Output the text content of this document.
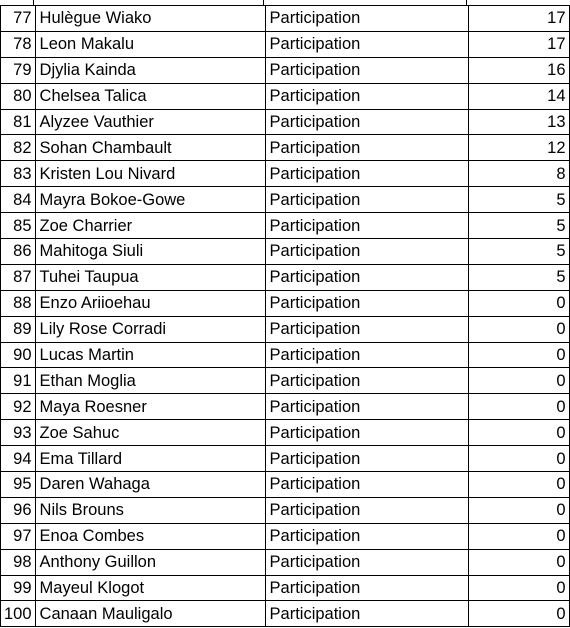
77	Hulègue Wiako	Participation	17
78	Leon Makalu	Participation	17
79	Djylia Kainda	Participation	16
80	Chelsea Talica	Participation	14
81	Alyzee Vauthier	Participation	13
82	Sohan Chambault	Participation	12
83	Kristen Lou Nivard	Participation	8
84	Mayra Bokoe-Gowe	Participation	5
85	Zoe Charrier	Participation	5
86	Mahitoga Siuli	Participation	5
87	Tuhei Taupua	Participation	5
88	Enzo Ariioehau	Participation	0
89	Lily Rose Corradi	Participation	0
90	Lucas Martin	Participation	0
91	Ethan Moglia	Participation	0
92	Maya Roesner	Participation	0
93	Zoe Sahuc	Participation	0
94	Ema Tillard	Participation	0
95	Daren Wahaga	Participation	0
96	Nils Brouns	Participation	0
97	Enoa Combes	Participation	0
98	Anthony Guillon	Participation	0
99	Mayeul Klogot	Participation	0
100	Canaan Mauligalo	Participation	0
